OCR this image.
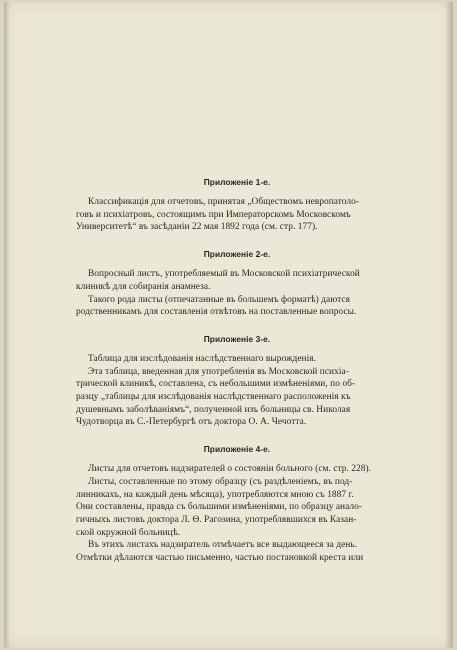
Приложеніе 1-е.
Классификація для отчетовъ, принятая „Обществомъ невропатоло-
говъ и психіатровъ, состоящимъ при Императорскомъ Московскомъ
Университетѣ“ въ засѣданіи 22 мая 1892 года (см. стр. 177).
Приложеніе 2-е.
Вопросный листъ, употребляемый въ Московской психіатрической
клиникѣ для собиранія анамнеза.
Такого рода листы (отпечатанные въ большемъ форматѣ) даются
родственникамъ для составленія отвѣтовъ на поставленные вопросы.
Приложеніе 3-е.
Таблица для изслѣдованія наслѣдственнаго вырожденія.
Эта таблица, введенная для употребленія въ Московской психіа-
трической клиникѣ, составлена, съ небольшими измѣненіями, по об-
разцу „таблицы для изслѣдованія наслѣдственнаго расположенія къ
душевнымъ заболѣваніямъ“, полученной изъ больницы св. Николая
Чудотворца въ С.-Петербургѣ отъ доктора О. А. Чечотта.
Приложеніе 4-е.
Листы для отчетовъ надзирателей о состояніи больного (см. стр. 228).
Листы, составленные по этому образцу (съ раздѣленіемъ, въ под-
линникахъ, на каждый день мѣсяца), употребляются мною съ 1887 г.
Они составлены, правда съ большими измѣненіями, по образцу анало-
гичныхъ листовъ доктора Л. Ѳ. Рагозина, употреблявшихся въ Казан-
ской окружной больницѣ.
Въ этихъ листахъ надзиратель отмѣчаетъ все выдающееся за день.
Отмѣтки дѣлаются частью письменно, частью постановкой креста или
